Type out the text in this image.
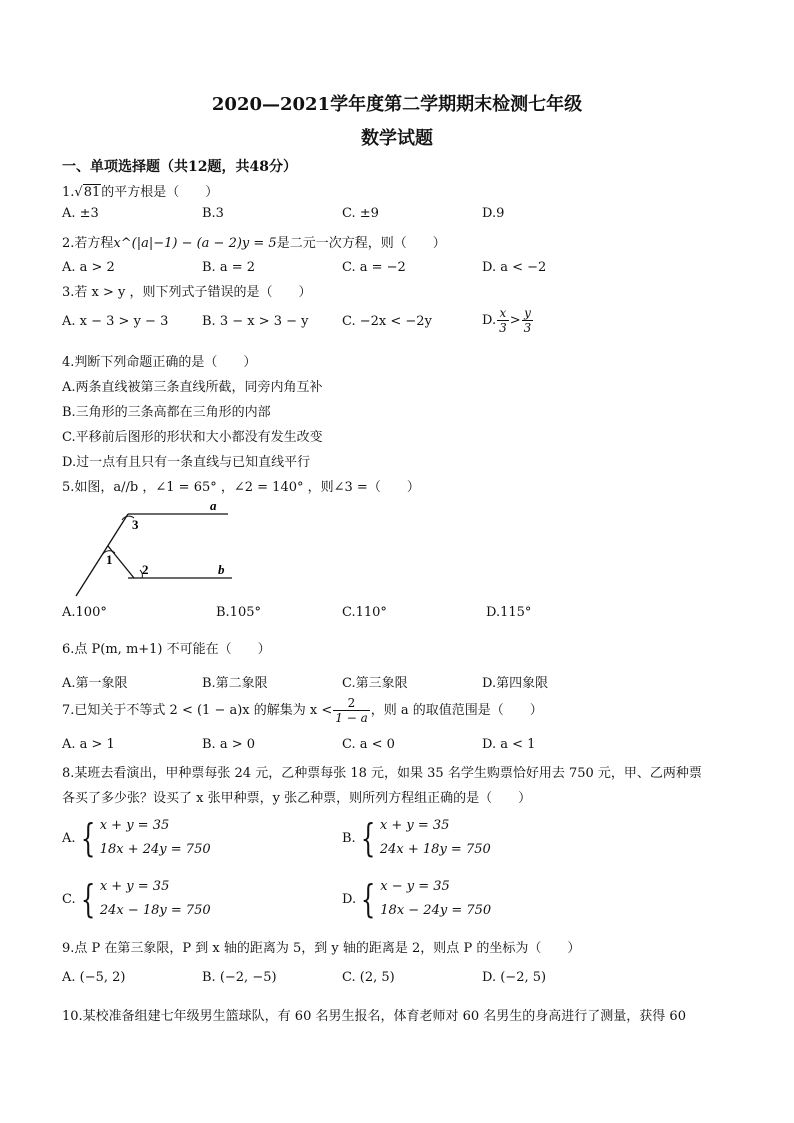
2020—2021学年度第二学期期末检测七年级
数学试题
一、单项选择题（共12题，共48分）
1.√81的平方根是（　　）
A. ±3	B.3	C. ±9	D.9
2.若方程x^(|a|−1) − (a − 2)y = 5是二元一次方程，则（　　）
A. a > 2	B. a = 2	C. a = −2	D. a < −2
3.若 x > y ，则下列式子错误的是（　　）
A. x − 3 > y − 3	B. 3 − x > 3 − y	C. −2x < −2y	D. $\frac{x}{3} > \frac{y}{3}$
4.判断下列命题正确的是（　　）
A.两条直线被第三条直线所截，同旁内角互补
B.三角形的三条高都在三角形的内部
C.平移前后图形的形状和大小都没有发生改变
D.过一点有且只有一条直线与已知直线平行
5.如图，a//b ，∠1 = 65° ，∠2 = 140° ，则∠3 =（　　）
a
b
3
1
2
A.100°	B.105°	C.110°	D.115°
6.点 P(m, m+1) 不可能在（　　）
A.第一象限	B.第二象限	C.第三象限	D.第四象限
7.已知关于不等式 2 < (1 − a)x 的解集为 $x < \frac{2}{1 - a}$ ，则 a 的取值范围是（　　）
A. a > 1	B. a > 0	C. a < 0	D. a < 1
8.某班去看演出，甲种票每张 24 元，乙种票每张 18 元，如果 35 名学生购票恰好用去 750 元，甲、乙两种票
各买了多少张？设买了 x 张甲种票，y 张乙种票，则所列方程组正确的是（　　）
A. { x + y = 35
18x + 24y = 750
B. { x + y = 35
24x + 18y = 750
C. { x + y = 35
24x − 18y = 750
D. { x − y = 35
18x − 24y = 750
9.点 P 在第三象限，P 到 x 轴的距离为 5，到 y 轴的距离是 2，则点 P 的坐标为（　　）
A. (−5, 2)	B. (−2, −5)	C. (2, 5)	D. (−2, 5)
10.某校准备组建七年级男生篮球队，有 60 名男生报名，体育老师对 60 名男生的身高进行了测量，获得 60
